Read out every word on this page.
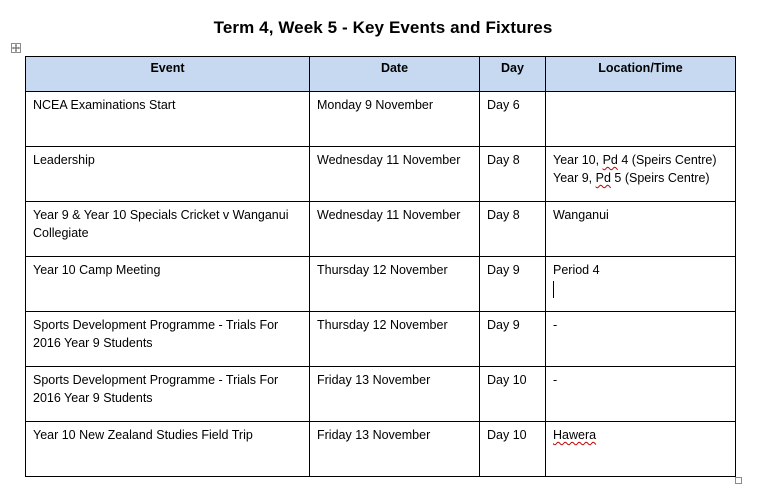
Term 4, Week 5 - Key Events and Fixtures
Event	Date	Day	Location/Time
NCEA Examinations Start	Monday 9 November	Day 6	
Leadership	Wednesday 11 November	Day 8	Year 10, Pd 4 (Speirs Centre)
Year 9, Pd 5 (Speirs Centre)

Year 9 & Year 10 Specials Cricket v Wanganui Collegiate	Wednesday 11 November	Day 8	Wanganui
Year 10 Camp Meeting	Thursday 12 November	Day 9	Period 4

Sports Development Programme - Trials For 2016 Year 9 Students	Thursday 12 November	Day 9	-
Sports Development Programme - Trials For 2016 Year 9 Students	Friday 13 November	Day 10	-
Year 10 New Zealand Studies Field Trip	Friday 13 November	Day 10	Hawera
